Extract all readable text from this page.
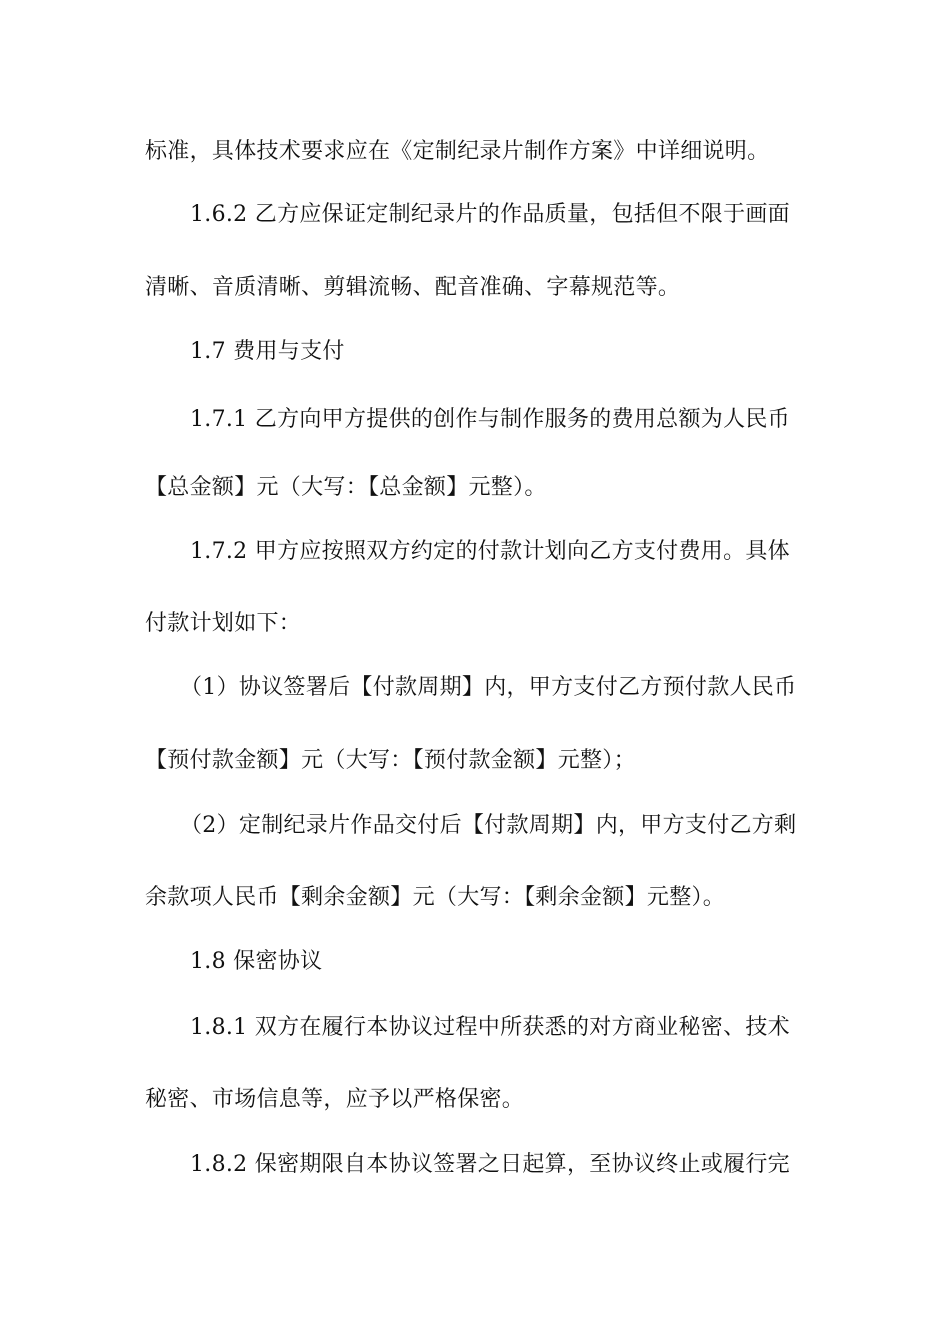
标准，具体技术要求应在《定制纪录片制作方案》中详细说明。
1.6.2 乙方应保证定制纪录片的作品质量，包括但不限于画面
清晰、音质清晰、剪辑流畅、配音准确、字幕规范等。
1.7 费用与支付
1.7.1 乙方向甲方提供的创作与制作服务的费用总额为人民币
【总金额】元（大写：【总金额】元整）。
1.7.2 甲方应按照双方约定的付款计划向乙方支付费用。具体
付款计划如下：
（1）协议签署后【付款周期】内，甲方支付乙方预付款人民币
【预付款金额】元（大写：【预付款金额】元整）；
（2）定制纪录片作品交付后【付款周期】内，甲方支付乙方剩
余款项人民币【剩余金额】元（大写：【剩余金额】元整）。
1.8 保密协议
1.8.1 双方在履行本协议过程中所获悉的对方商业秘密、技术
秘密、市场信息等，应予以严格保密。
1.8.2 保密期限自本协议签署之日起算，至协议终止或履行完
